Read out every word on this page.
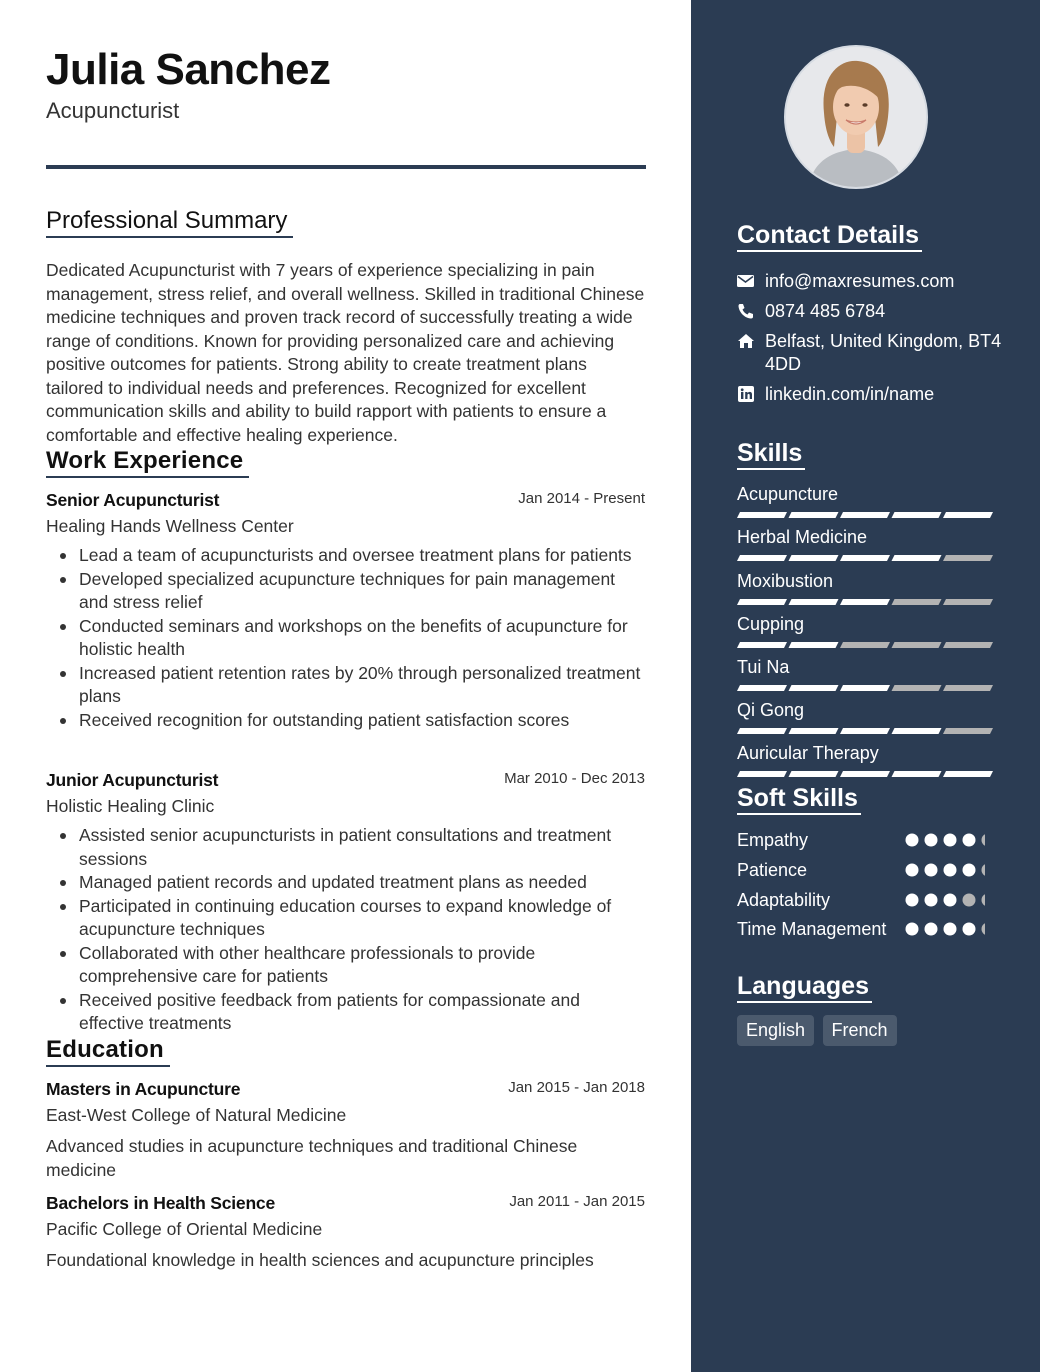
Julia Sanchez
Acupuncturist
Professional Summary

Dedicated Acupuncturist with 7 years of experience specializing in pain management, stress relief, and overall wellness. Skilled in traditional Chinese medicine techniques and proven track record of successfully treating a wide range of conditions. Known for providing personalized care and achieving positive outcomes for patients. Strong ability to create treatment plans tailored to individual needs and preferences. Recognized for excellent communication skills and ability to build rapport with patients to ensure a comfortable and effective healing experience.

Work Experience
Senior Acupuncturist	Jan 2014 - Present
Healing Hands Wellness Center
Lead a team of acupuncturists and oversee treatment plans for patients
Developed specialized acupuncture techniques for pain management and stress relief
Conducted seminars and workshops on the benefits of acupuncture for holistic health
Increased patient retention rates by 20% through personalized treatment plans
Received recognition for outstanding patient satisfaction scores
Junior Acupuncturist	Mar 2010 - Dec 2013
Holistic Healing Clinic
Assisted senior acupuncturists in patient consultations and treatment sessions
Managed patient records and updated treatment plans as needed
Participated in continuing education courses to expand knowledge of acupuncture techniques
Collaborated with other healthcare professionals to provide comprehensive care for patients
Received positive feedback from patients for compassionate and effective treatments
Education
Masters in Acupuncture	Jan 2015 - Jan 2018
East-West College of Natural Medicine
Advanced studies in acupuncture techniques and traditional Chinese medicine
Bachelors in Health Science	Jan 2011 - Jan 2015
Pacific College of Oriental Medicine
Foundational knowledge in health sciences and acupuncture principles
Contact Details
info@maxresumes.com
0874 485 6784
Belfast, United Kingdom, BT4 4DD
linkedin.com/in/name
Skills
Acupuncture
Herbal Medicine
Moxibustion
Cupping
Tui Na
Qi Gong
Auricular Therapy
Soft Skills
Empathy
Patience
Adaptability
Time Management
Languages
English French
